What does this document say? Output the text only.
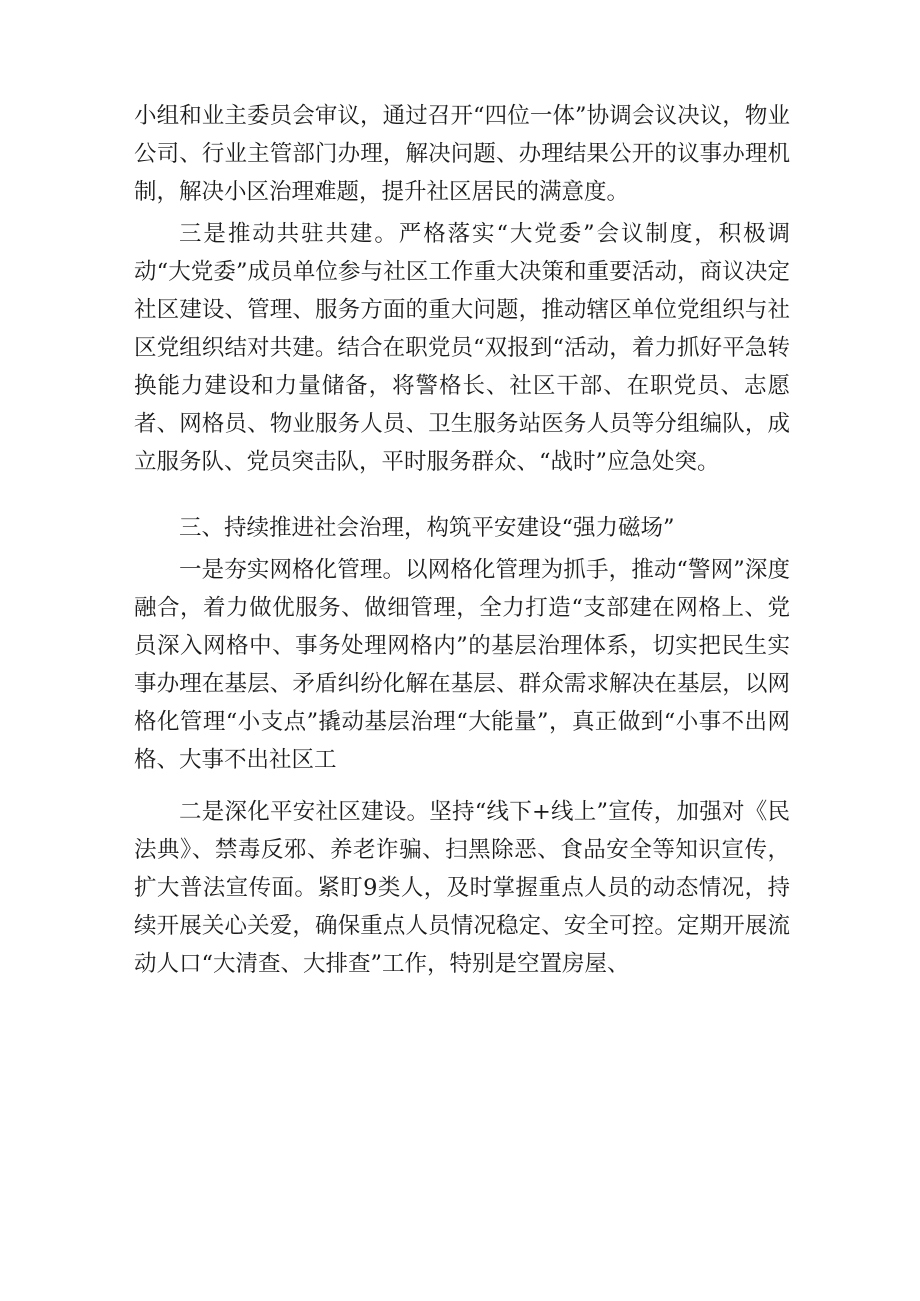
小组和业主委员会审议，通过召开“四位一体”协调会议决议，物业公司、行业主管部门办理，解决问题、办理结果公开的议事办理机制，解决小区治理难题，提升社区居民的满意度。

三是推动共驻共建。严格落实“大党委”会议制度，积极调动“大党委”成员单位参与社区工作重大决策和重要活动，商议决定社区建设、管理、服务方面的重大问题，推动辖区单位党组织与社区党组织结对共建。结合在职党员“双报到“活动，着力抓好平急转换能力建设和力量储备，将警格长、社区干部、在职党员、志愿者、网格员、物业服务人员、卫生服务站医务人员等分组编队，成立服务队、党员突击队，平时服务群众、“战时”应急处突。

三、持续推进社会治理，构筑平安建设“强力磁场”

一是夯实网格化管理。以网格化管理为抓手，推动“警网”深度融合，着力做优服务、做细管理，全力打造“支部建在网格上、党员深入网格中、事务处理网格内”的基层治理体系，切实把民生实事办理在基层、矛盾纠纷化解在基层、群众需求解决在基层，以网格化管理“小支点”撬动基层治理“大能量”，真正做到“小事不出网格、大事不出社区工

二是深化平安社区建设。坚持“线下+线上”宣传，加强对《民法典》、禁毒反邪、养老诈骗、扫黑除恶、食品安全等知识宣传，扩大普法宣传面。紧盯9类人，及时掌握重点人员的动态情况，持续开展关心关爱，确保重点人员情况稳定、安全可控。定期开展流动人口“大清查、大排查”工作，特别是空置房屋、
